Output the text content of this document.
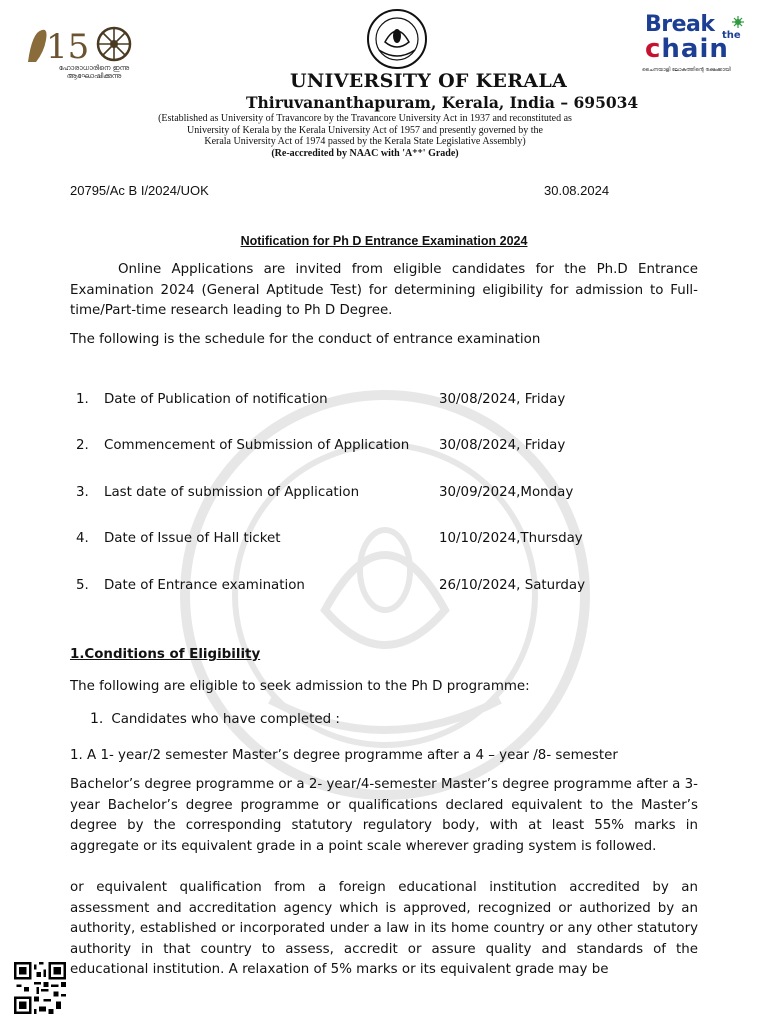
15
ഹോരാധാരിനെ ഇന്നു ആഘോഷിക്കുന്നു
Break the
chain
ചൈനയാളി ലോകത്തിന്റെ രക്ഷക്കായി
UNIVERSITY OF KERALA
Thiruvananthapuram, Kerala, India – 695034
(Established as University of Travancore by the Travancore University Act in 1937 and reconstituted as
University of Kerala by the Kerala University Act of 1957 and presently governed by the
Kerala University Act of 1974 passed by the Kerala State Legislative Assembly)
(Re-accredited by NAAC with 'A⁺⁺' Grade)
20795/Ac B I/2024/UOK	30.08.2024
Notification for Ph D Entrance Examination 2024
Online Applications are invited from eligible candidates for the Ph.D Entrance Examination 2024 (General Aptitude Test) for determining eligibility for admission to Full-time/Part-time research leading to Ph D Degree.
The following is the schedule for the conduct of entrance examination
1. Date of Publication of notification	30/08/2024, Friday
2. Commencement of Submission of Application 30/08/2024, Friday
3. Last date of submission of Application	30/09/2024,Monday
4. Date of Issue of Hall ticket	10/10/2024,Thursday
5. Date of Entrance examination	26/10/2024, Saturday
1.Conditions of Eligibility
The following are eligible to seek admission to the Ph D programme:
1. Candidates who have completed :
1. A 1- year/2 semester Master’s degree programme after a 4 – year /8- semester
Bachelor’s degree programme or a 2- year/4-semester Master’s degree programme after a 3-year Bachelor’s degree programme or qualifications declared equivalent to the Master’s degree by the corresponding statutory regulatory body, with at least 55% marks in aggregate or its equivalent grade in a point scale wherever grading system is followed.
or equivalent qualification from a foreign educational institution accredited by an assessment and accreditation agency which is approved, recognized or authorized by an authority, established or incorporated under a law in its home country or any other statutory authority in that country to assess, accredit or assure quality and standards of the educational institution. A relaxation of 5% marks or its equivalent grade may be
